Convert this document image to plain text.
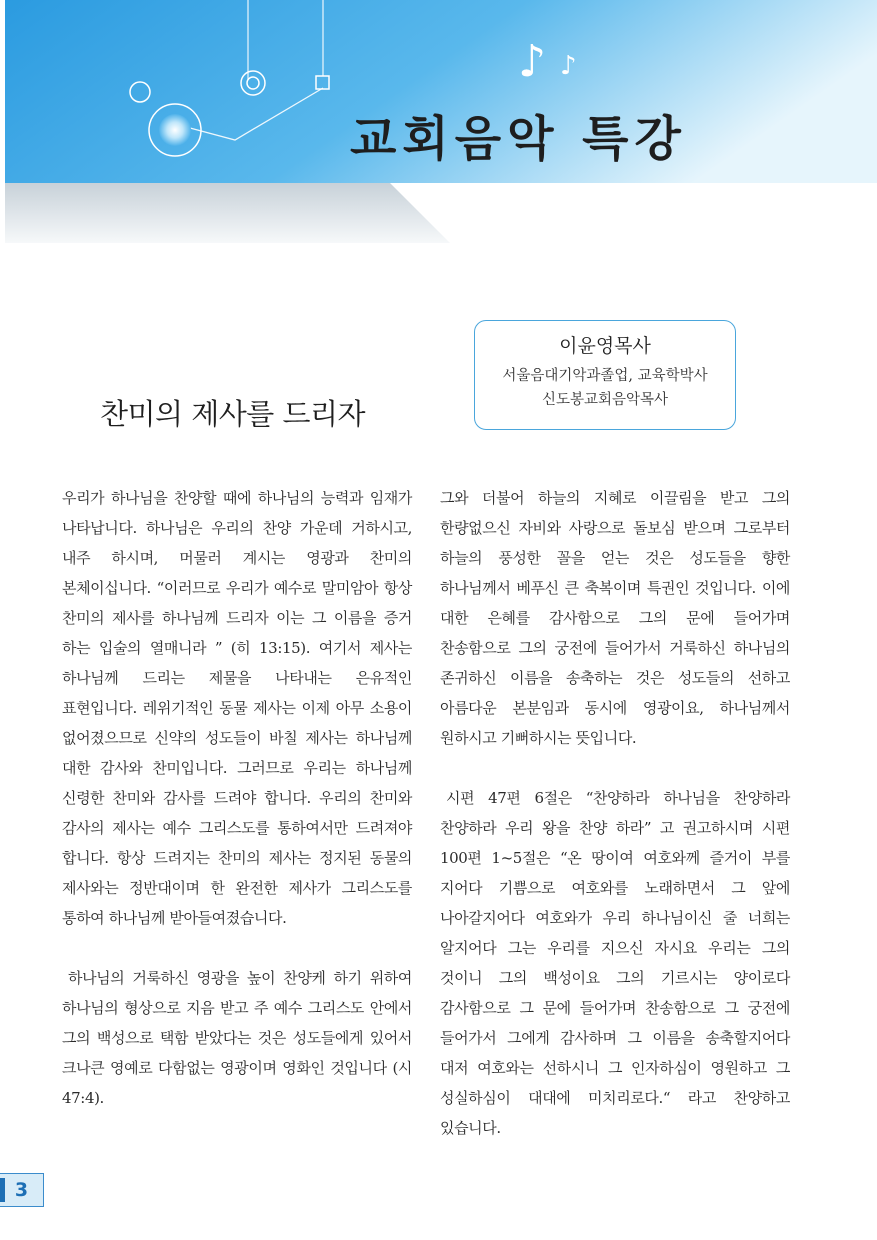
♪ ♪
교회음악 특강
이윤영목사
서울음대기악과졸업, 교육학박사
신도봉교회음악목사
찬미의 제사를 드리자

우리가 하나님을 찬양할 때에 하나님의 능력과 임재가 나타납니다. 하나님은 우리의 찬양 가운데 거하시고, 내주 하시며, 머물러 계시는 영광과 찬미의 본체이십니다. “이러므로 우리가 예수로 말미암아 항상 찬미의 제사를 하나님께 드리자 이는 그 이름을 증거 하는 입술의 열매니라 ” (히 13:15). 여기서 제사는 하나님께 드리는 제물을 나타내는 은유적인 표현입니다. 레위기적인 동물 제사는 이제 아무 소용이 없어졌으므로 신약의 성도들이 바칠 제사는 하나님께 대한 감사와 찬미입니다. 그러므로 우리는 하나님께 신령한 찬미와 감사를 드려야 합니다. 우리의 찬미와 감사의 제사는 예수 그리스도를 통하여서만 드려져야 합니다. 항상 드려지는 찬미의 제사는 정지된 동물의 제사와는 정반대이며 한 완전한 제사가 그리스도를 통하여 하나님께 받아들여졌습니다.

하나님의 거룩하신 영광을 높이 찬양케 하기 위하여 하나님의 형상으로 지음 받고 주 예수 그리스도 안에서 그의 백성으로 택함 받았다는 것은 성도들에게 있어서 크나큰 영예로 다함없는 영광이며 영화인 것입니다 (시 47:4).

그와 더불어 하늘의 지혜로 이끌림을 받고 그의 한량없으신 자비와 사랑으로 돌보심 받으며 그로부터 하늘의 풍성한 꼴을 얻는 것은 성도들을 향한 하나님께서 베푸신 큰 축복이며 특권인 것입니다. 이에 대한 은혜를 감사함으로 그의 문에 들어가며 찬송함으로 그의 궁전에 들어가서 거룩하신 하나님의 존귀하신 이름을 송축하는 것은 성도들의 선하고 아름다운 본분임과 동시에 영광이요, 하나님께서 원하시고 기뻐하시는 뜻입니다.

시편 47편 6절은 “찬양하라 하나님을 찬양하라 찬양하라 우리 왕을 찬양 하라” 고 권고하시며 시편 100편 1~5절은 “온 땅이여 여호와께 즐거이 부를 지어다 기쁨으로 여호와를 노래하면서 그 앞에 나아갈지어다 여호와가 우리 하나님이신 줄 너희는 알지어다 그는 우리를 지으신 자시요 우리는 그의 것이니 그의 백성이요 그의 기르시는 양이로다 감사함으로 그 문에 들어가며 찬송함으로 그 궁전에 들어가서 그에게 감사하며 그 이름을 송축할지어다 대저 여호와는 선하시니 그 인자하심이 영원하고 그 성실하심이 대대에 미치리로다.“ 라고 찬양하고 있습니다.

3
